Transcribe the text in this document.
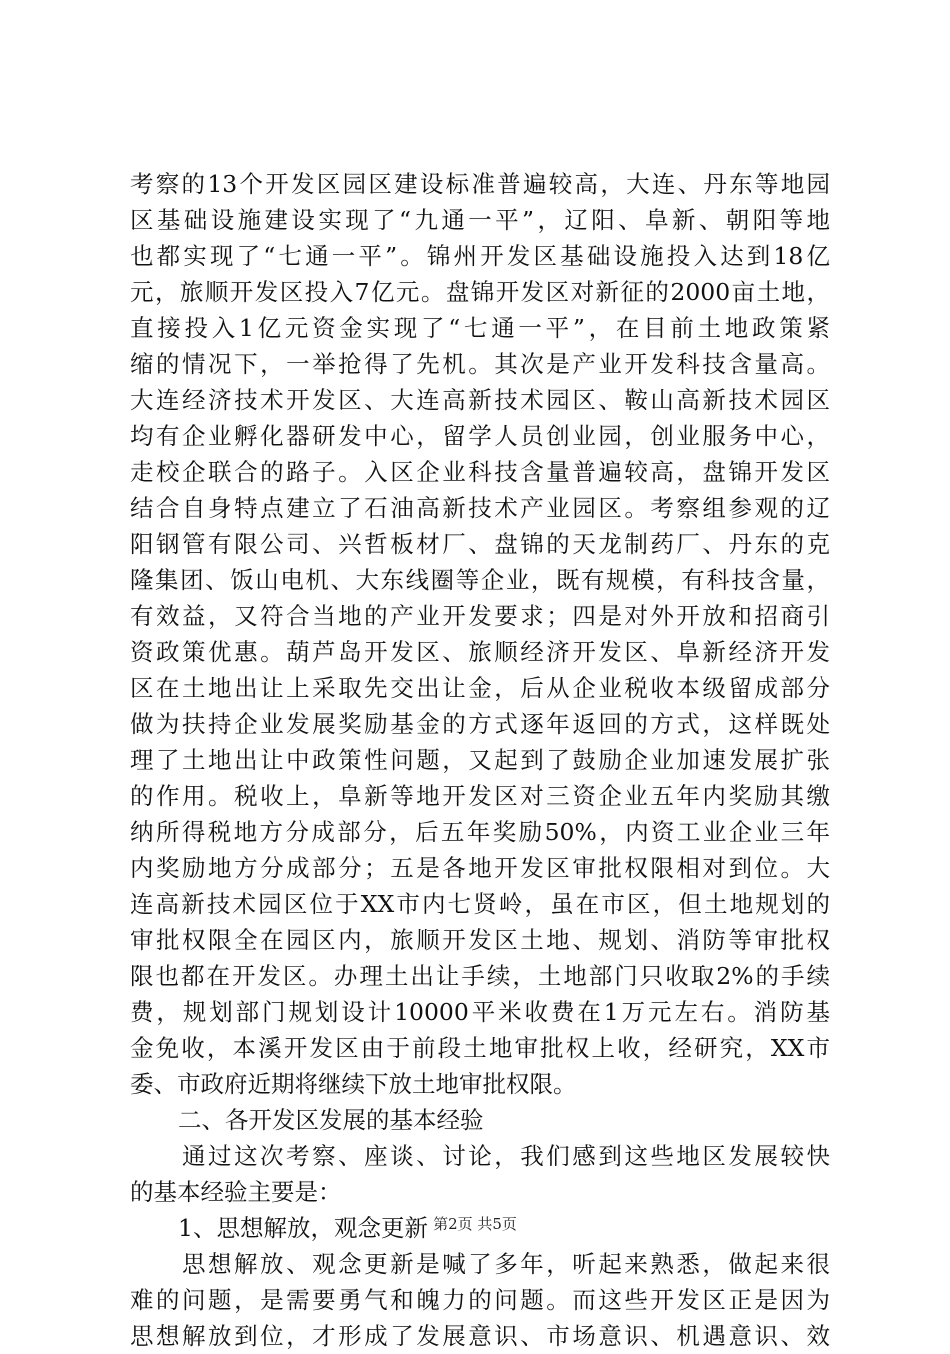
考察的13个开发区园区建设标准普遍较高，大连、丹东等地园
区基础设施建设实现了“九通一平”，辽阳、阜新、朝阳等地
也都实现了“七通一平”。锦州开发区基础设施投入达到18亿
元，旅顺开发区投入7亿元。盘锦开发区对新征的2000亩土地，
直接投入1亿元资金实现了“七通一平”，在目前土地政策紧
缩的情况下，一举抢得了先机。其次是产业开发科技含量高。
大连经济技术开发区、大连高新技术园区、鞍山高新技术园区
均有企业孵化器研发中心，留学人员创业园，创业服务中心，
走校企联合的路子。入区企业科技含量普遍较高，盘锦开发区
结合自身特点建立了石油高新技术产业园区。考察组参观的辽
阳钢管有限公司、兴哲板材厂、盘锦的天龙制药厂、丹东的克
隆集团、饭山电机、大东线圈等企业，既有规模，有科技含量，
有效益，又符合当地的产业开发要求；四是对外开放和招商引
资政策优惠。葫芦岛开发区、旅顺经济开发区、阜新经济开发
区在土地出让上采取先交出让金，后从企业税收本级留成部分
做为扶持企业发展奖励基金的方式逐年返回的方式，这样既处
理了土地出让中政策性问题，又起到了鼓励企业加速发展扩张
的作用。税收上，阜新等地开发区对三资企业五年内奖励其缴
纳所得税地方分成部分，后五年奖励50%，内资工业企业三年
内奖励地方分成部分；五是各地开发区审批权限相对到位。大
连高新技术园区位于XX市内七贤岭，虽在市区，但土地规划的
审批权限全在园区内，旅顺开发区土地、规划、消防等审批权
限也都在开发区。办理土出让手续，土地部门只收取2%的手续
费，规划部门规划设计10000平米收费在1万元左右。消防基
金免收，本溪开发区由于前段土地审批权上收，经研究，XX市
委、市政府近期将继续下放土地审批权限。
二、各开发区发展的基本经验
通过这次考察、座谈、讨论，我们感到这些地区发展较快
的基本经验主要是：
1、思想解放，观念更新
思想解放、观念更新是喊了多年，听起来熟悉，做起来很
难的问题，是需要勇气和魄力的问题。而这些开发区正是因为
思想解放到位，才形成了发展意识、市场意识、机遇意识、效
第2页 共5页
